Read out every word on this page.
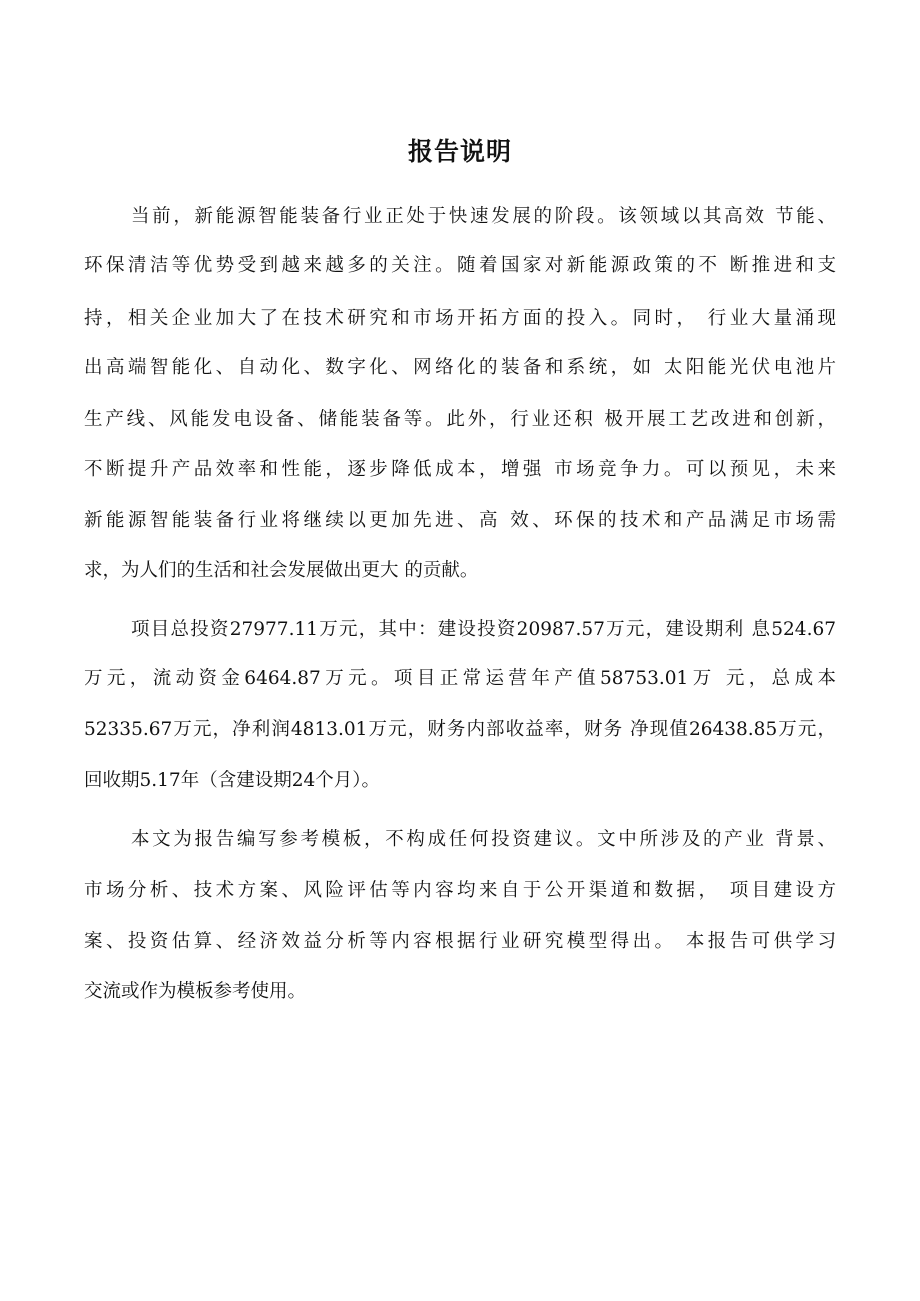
报告说明
当前，新能源智能装备行业正处于快速发展的阶段。该领域以其高效 节能、
环保清洁等优势受到越来越多的关注。随着国家对新能源政策的不 断推进和支
持，相关企业加大了在技术研究和市场开拓方面的投入。同时， 行业大量涌现
出高端智能化、自动化、数字化、网络化的装备和系统，如 太阳能光伏电池片
生产线、风能发电设备、储能装备等。此外，行业还积 极开展工艺改进和创新，
不断提升产品效率和性能，逐步降低成本，增强 市场竞争力。可以预见，未来
新能源智能装备行业将继续以更加先进、高 效、环保的技术和产品满足市场需
求，为人们的生活和社会发展做出更大 的贡献。
项目总投资27977.11万元，其中：建设投资20987.57万元，建设期利 息524.67
万元，流动资金6464.87万元。项目正常运营年产值58753.01万 元，总成本
52335.67万元，净利润4813.01万元，财务内部收益率，财务 净现值26438.85万元，
回收期5.17年（含建设期24个月）。
本文为报告编写参考模板，不构成任何投资建议。文中所涉及的产业 背景、
市场分析、技术方案、风险评估等内容均来自于公开渠道和数据， 项目建设方
案、投资估算、经济效益分析等内容根据行业研究模型得出。 本报告可供学习
交流或作为模板参考使用。
